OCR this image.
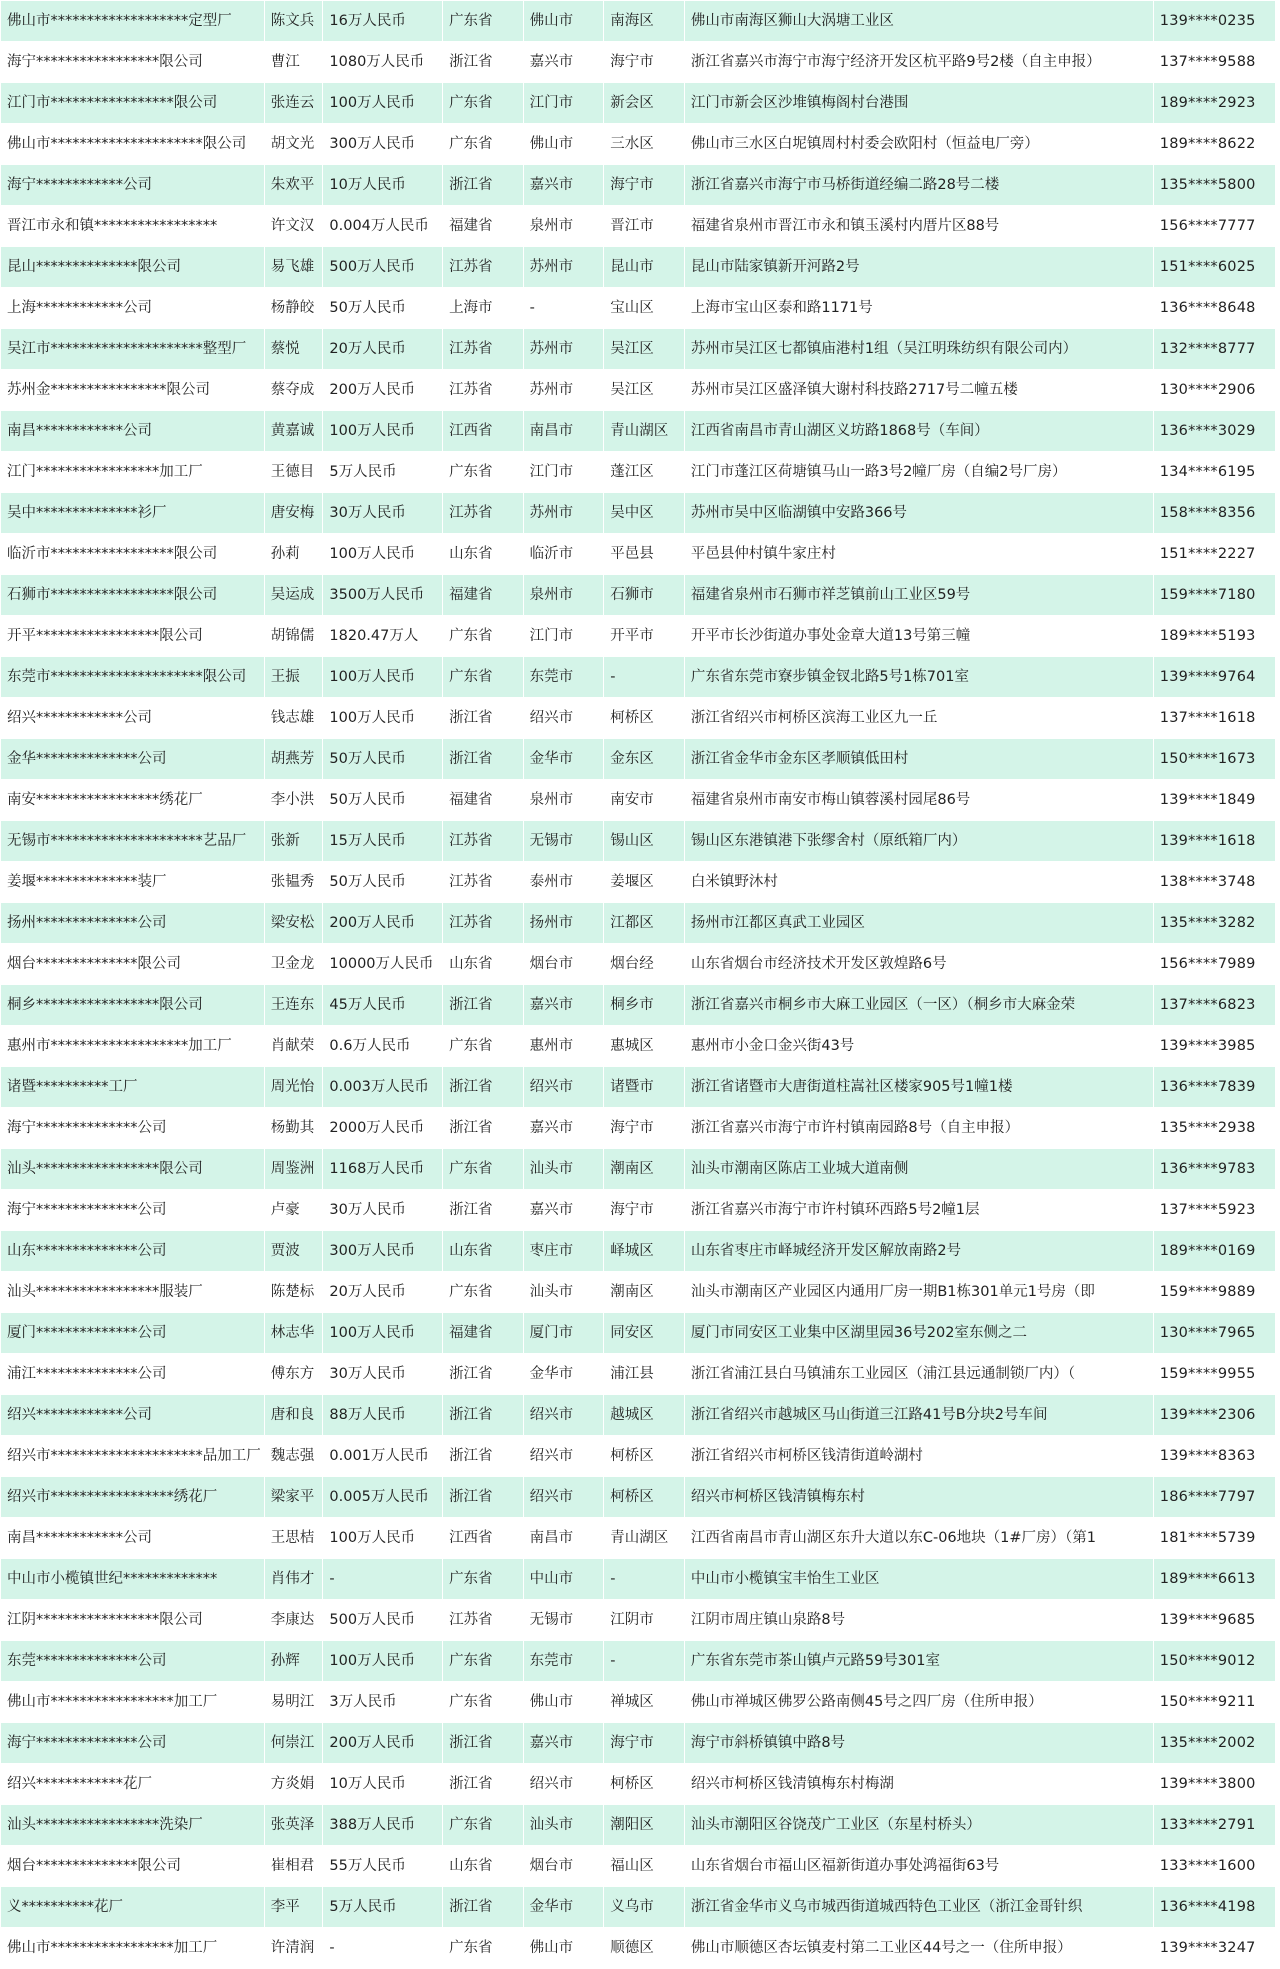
佛山市*******************定型厂	陈文兵	16万人民币	广东省	佛山市	南海区	佛山市南海区狮山大涡塘工业区	139****0235
海宁*****************限公司	曹江	1080万人民币	浙江省	嘉兴市	海宁市	浙江省嘉兴市海宁市海宁经济开发区杭平路9号2楼（自主申报）	137****9588
江门市*****************限公司	张连云	100万人民币	广东省	江门市	新会区	江门市新会区沙堆镇梅阁村台港围	189****2923
佛山市*********************限公司	胡文光	300万人民币	广东省	佛山市	三水区	佛山市三水区白坭镇周村村委会欧阳村（恒益电厂旁）	189****8622
海宁************公司	朱欢平	10万人民币	浙江省	嘉兴市	海宁市	浙江省嘉兴市海宁市马桥街道经编二路28号二楼	135****5800
晋江市永和镇*****************	许文汉	0.004万人民币	福建省	泉州市	晋江市	福建省泉州市晋江市永和镇玉溪村内厝片区88号	156****7777
昆山**************限公司	易飞雄	500万人民币	江苏省	苏州市	昆山市	昆山市陆家镇新开河路2号	151****6025
上海************公司	杨静皎	50万人民币	上海市	-	宝山区	上海市宝山区泰和路1171号	136****8648
吴江市*********************整型厂	蔡悦	20万人民币	江苏省	苏州市	吴江区	苏州市吴江区七都镇庙港村1组（吴江明珠纺织有限公司内）	132****8777
苏州金****************限公司	蔡夺成	200万人民币	江苏省	苏州市	吴江区	苏州市吴江区盛泽镇大谢村科技路2717号二幢五楼	130****2906
南昌************公司	黄嘉诚	100万人民币	江西省	南昌市	青山湖区	江西省南昌市青山湖区义坊路1868号（车间）	136****3029
江门*****************加工厂	王德目	5万人民币	广东省	江门市	蓬江区	江门市蓬江区荷塘镇马山一路3号2幢厂房（自编2号厂房）	134****6195
吴中**************衫厂	唐安梅	30万人民币	江苏省	苏州市	吴中区	苏州市吴中区临湖镇中安路366号	158****8356
临沂市*****************限公司	孙莉	100万人民币	山东省	临沂市	平邑县	平邑县仲村镇牛家庄村	151****2227
石狮市*****************限公司	吴运成	3500万人民币	福建省	泉州市	石狮市	福建省泉州市石狮市祥芝镇前山工业区59号	159****7180
开平*****************限公司	胡锦儒	1820.47万人	广东省	江门市	开平市	开平市长沙街道办事处金章大道13号第三幢	189****5193
东莞市*********************限公司	王振	100万人民币	广东省	东莞市	-	广东省东莞市寮步镇金钗北路5号1栋701室	139****9764
绍兴************公司	钱志雄	100万人民币	浙江省	绍兴市	柯桥区	浙江省绍兴市柯桥区滨海工业区九一丘	137****1618
金华**************公司	胡燕芳	50万人民币	浙江省	金华市	金东区	浙江省金华市金东区孝顺镇低田村	150****1673
南安*****************绣花厂	李小洪	50万人民币	福建省	泉州市	南安市	福建省泉州市南安市梅山镇蓉溪村园尾86号	139****1849
无锡市*********************艺品厂	张新	15万人民币	江苏省	无锡市	锡山区	锡山区东港镇港下张缪舍村（原纸箱厂内）	139****1618
姜堰**************装厂	张韫秀	50万人民币	江苏省	泰州市	姜堰区	白米镇野沐村	138****3748
扬州**************公司	梁安松	200万人民币	江苏省	扬州市	江都区	扬州市江都区真武工业园区	135****3282
烟台**************限公司	卫金龙	10000万人民币	山东省	烟台市	烟台经	山东省烟台市经济技术开发区敦煌路6号	156****7989
桐乡*****************限公司	王连东	45万人民币	浙江省	嘉兴市	桐乡市	浙江省嘉兴市桐乡市大麻工业园区（一区）（桐乡市大麻金荣	137****6823
惠州市*******************加工厂	肖献荣	0.6万人民币	广东省	惠州市	惠城区	惠州市小金口金兴街43号	139****3985
诸暨**********工厂	周光怡	0.003万人民币	浙江省	绍兴市	诸暨市	浙江省诸暨市大唐街道柱嵩社区楼家905号1幢1楼	136****7839
海宁**************公司	杨勤其	2000万人民币	浙江省	嘉兴市	海宁市	浙江省嘉兴市海宁市许村镇南园路8号（自主申报）	135****2938
汕头*****************限公司	周鉴洲	1168万人民币	广东省	汕头市	潮南区	汕头市潮南区陈店工业城大道南侧	136****9783
海宁**************公司	卢豪	30万人民币	浙江省	嘉兴市	海宁市	浙江省嘉兴市海宁市许村镇环西路5号2幢1层	137****5923
山东**************公司	贾波	300万人民币	山东省	枣庄市	峄城区	山东省枣庄市峄城经济开发区解放南路2号	189****0169
汕头*****************服装厂	陈楚标	20万人民币	广东省	汕头市	潮南区	汕头市潮南区产业园区内通用厂房一期B1栋301单元1号房（即	159****9889
厦门**************公司	林志华	100万人民币	福建省	厦门市	同安区	厦门市同安区工业集中区湖里园36号202室东侧之二	130****7965
浦江**************公司	傅东方	30万人民币	浙江省	金华市	浦江县	浙江省浦江县白马镇浦东工业园区（浦江县远通制锁厂内）（	159****9955
绍兴************公司	唐和良	88万人民币	浙江省	绍兴市	越城区	浙江省绍兴市越城区马山街道三江路41号B分块2号车间	139****2306
绍兴市*********************品加工厂	魏志强	0.001万人民币	浙江省	绍兴市	柯桥区	浙江省绍兴市柯桥区钱清街道岭湖村	139****8363
绍兴市*****************绣花厂	梁家平	0.005万人民币	浙江省	绍兴市	柯桥区	绍兴市柯桥区钱清镇梅东村	186****7797
南昌************公司	王思桔	100万人民币	江西省	南昌市	青山湖区	江西省南昌市青山湖区东升大道以东C-06地块（1#厂房）（第1	181****5739
中山市小榄镇世纪*************	肖伟才	-	广东省	中山市	-	中山市小榄镇宝丰怡生工业区	189****6613
江阴*****************限公司	李康达	500万人民币	江苏省	无锡市	江阴市	江阴市周庄镇山泉路8号	139****9685
东莞**************公司	孙辉	100万人民币	广东省	东莞市	-	广东省东莞市茶山镇卢元路59号301室	150****9012
佛山市*****************加工厂	易明江	3万人民币	广东省	佛山市	禅城区	佛山市禅城区佛罗公路南侧45号之四厂房（住所申报）	150****9211
海宁**************公司	何崇江	200万人民币	浙江省	嘉兴市	海宁市	海宁市斜桥镇镇中路8号	135****2002
绍兴************花厂	方炎娟	10万人民币	浙江省	绍兴市	柯桥区	绍兴市柯桥区钱清镇梅东村梅湖	139****3800
汕头*****************洗染厂	张英泽	388万人民币	广东省	汕头市	潮阳区	汕头市潮阳区谷饶茂广工业区（东星村桥头）	133****2791
烟台**************限公司	崔相君	55万人民币	山东省	烟台市	福山区	山东省烟台市福山区福新街道办事处鸿福街63号	133****1600
义**********花厂	李平	5万人民币	浙江省	金华市	义乌市	浙江省金华市义乌市城西街道城西特色工业区（浙江金哥针织	136****4198
佛山市*****************加工厂	许清润	-	广东省	佛山市	顺德区	佛山市顺德区杏坛镇麦村第二工业区44号之一（住所申报）	139****3247
